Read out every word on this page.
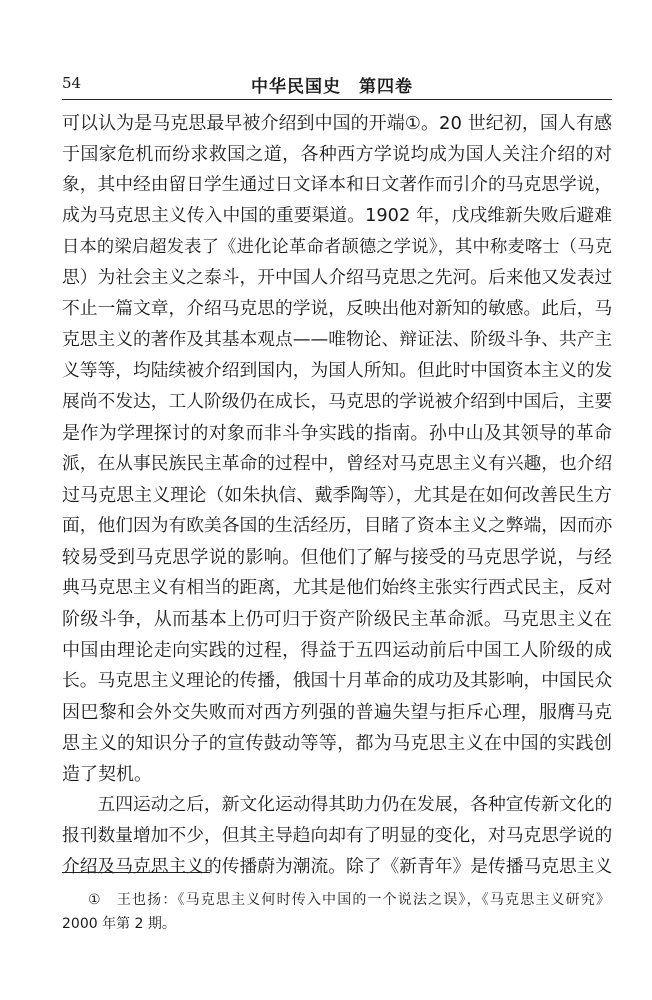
54	中华民国史　第四卷
可以认为是马克思最早被介绍到中国的开端①。20 世纪初，国人有感
于国家危机而纷求救国之道，各种西方学说均成为国人关注介绍的对
象，其中经由留日学生通过日文译本和日文著作而引介的马克思学说，
成为马克思主义传入中国的重要渠道。1902 年，戊戌维新失败后避难
日本的梁启超发表了《进化论革命者颉德之学说》，其中称麦喀士（马克
思）为社会主义之泰斗，开中国人介绍马克思之先河。后来他又发表过
不止一篇文章，介绍马克思的学说，反映出他对新知的敏感。此后，马
克思主义的著作及其基本观点——唯物论、辩证法、阶级斗争、共产主
义等等，均陆续被介绍到国内，为国人所知。但此时中国资本主义的发
展尚不发达，工人阶级仍在成长，马克思的学说被介绍到中国后，主要
是作为学理探讨的对象而非斗争实践的指南。孙中山及其领导的革命
派，在从事民族民主革命的过程中，曾经对马克思主义有兴趣，也介绍
过马克思主义理论（如朱执信、戴季陶等），尤其是在如何改善民生方
面，他们因为有欧美各国的生活经历，目睹了资本主义之弊端，因而亦
较易受到马克思学说的影响。但他们了解与接受的马克思学说，与经
典马克思主义有相当的距离，尤其是他们始终主张实行西式民主，反对
阶级斗争，从而基本上仍可归于资产阶级民主革命派。马克思主义在
中国由理论走向实践的过程，得益于五四运动前后中国工人阶级的成
长。马克思主义理论的传播，俄国十月革命的成功及其影响，中国民众
因巴黎和会外交失败而对西方列强的普遍失望与拒斥心理，服膺马克
思主义的知识分子的宣传鼓动等等，都为马克思主义在中国的实践创
造了契机。
　　五四运动之后，新文化运动得其助力仍在发展，各种宣传新文化的
报刊数量增加不少，但其主导趋向却有了明显的变化，对马克思学说的
介绍及马克思主义的传播蔚为潮流。除了《新青年》是传播马克思主义
①　王也扬：《马克思主义何时传入中国的一个说法之误》，《马克思主义研究》
2000 年第 2 期。
